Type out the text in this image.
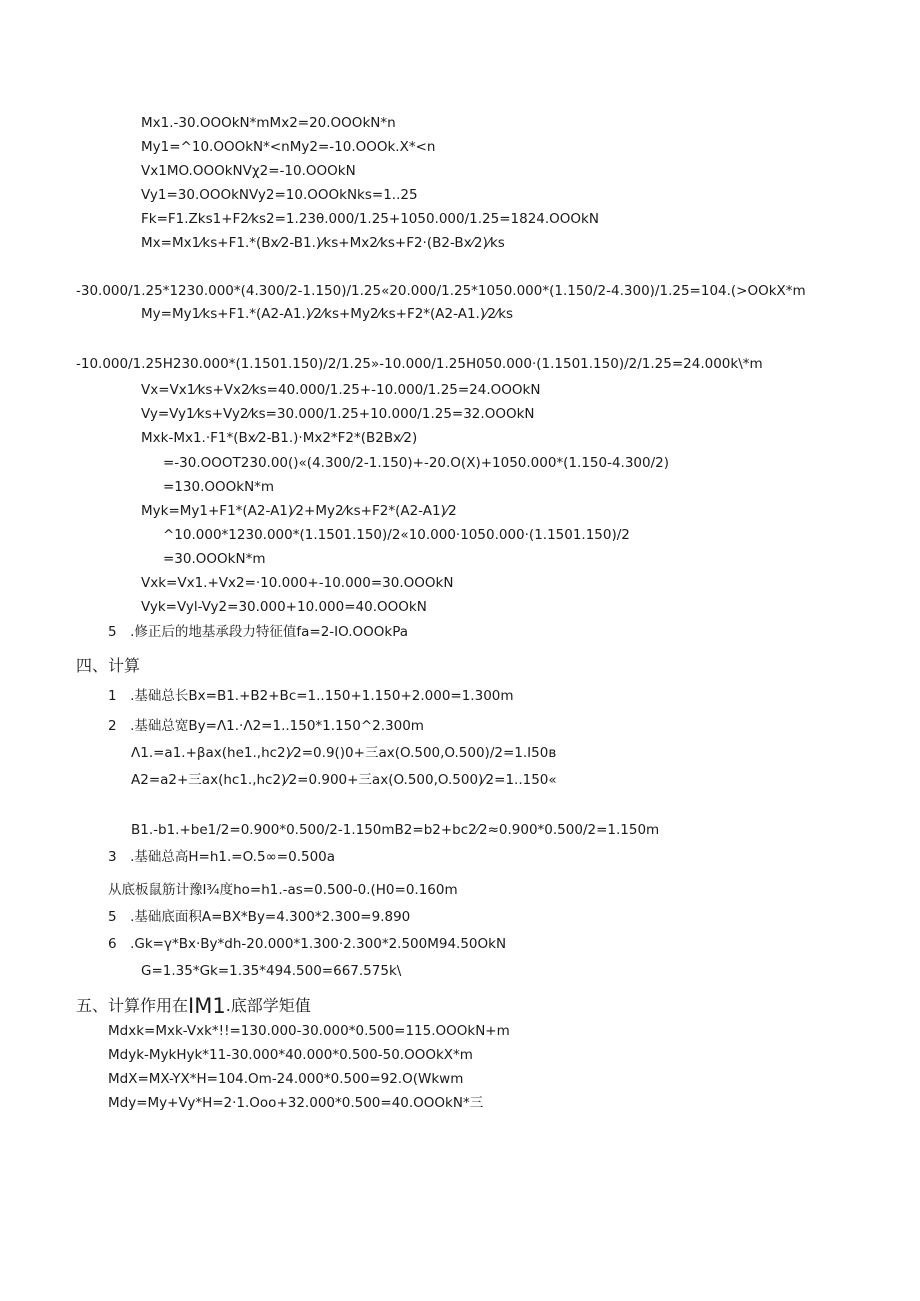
Mx1.-30.OOOkN*mMx2=20.OOOkN*n
My1=^10.OOOkN*<nMy2=-10.OOOk.X*<n
Vx1MO.OOOkNVχ2=-10.OOOkN
Vy1=30.OOOkNVy2=10.OOOkNks=1..25
Fk=F1.Zks1+F2⁄ks2=1.23θ.000/1.25+1050.000/1.25=1824.OOOkN
Mx=Mx1⁄ks+F1.*(Bx⁄2-B1.)⁄ks+Mx2⁄ks+F2·(B2-Bx⁄2)⁄ks
-30.000/1.25*1230.000*(4.300/2-1.150)/1.25«20.000/1.25*1050.000*(1.150/2-4.300)/1.25=104.(>OOkX*m
My=My1⁄ks+F1.*(A2-A1.)⁄2⁄ks+My2⁄ks+F2*(A2-A1.)⁄2⁄ks
-10.000/1.25H230.000*(1.1501.150)/2/1.25»-10.000/1.25H050.000·(1.1501.150)/2/1.25=24.000k\*m
Vx=Vx1⁄ks+Vx2⁄ks=40.000/1.25+-10.000/1.25=24.OOOkN
Vy=Vy1⁄ks+Vy2⁄ks=30.000/1.25+10.000/1.25=32.OOOkN
Mxk-Mx1.·F1*(Bx⁄2-B1.)·Mx2*F2*(B2Bx⁄2)
=-30.OOOT230.00()«(4.300/2-1.150)+-20.O(X)+1050.000*(1.150-4.300/2)
=130.OOOkN*m
Myk=My1+F1*(A2-A1)⁄2+My2⁄ks+F2*(A2-A1)⁄2
^10.000*1230.000*(1.1501.150)/2«10.000·1050.000·(1.1501.150)/2
=30.OOOkN*m
Vxk=Vx1.+Vx2=·10.000+-10.000=30.OOOkN
Vyk=Vyl-Vy2=30.000+10.000=40.OOOkN
5　.修正后的地基承段力特征值fa=2-IO.OOOkPa
四、计算
1　.基础总长Bx=B1.+B2+Bc=1..150+1.150+2.000=1.300m
2　.基础总宽By=Λ1.·Λ2=1..150*1.150^2.300m
Λ1.=a1.+βax(he1.,hc2)⁄2=0.9()0+三ax(O.500,O.500)/2=1.I50в
A2=a2+三ax(hc1.,hc2)⁄2=0.900+三ax(O.500,O.500)⁄2=1..150«
B1.-b1.+be1/2=0.900*0.500/2-1.150mB2=b2+bc2⁄2≈0.900*0.500/2=1.150m
3　.基础总高H=h1.=O.5∞=0.500a
从底板鼠筋计豫I¾度ho=h1.-as=0.500-0.(H0=0.160m
5　.基础底面积A=BX*By=4.300*2.300=9.890
6　.Gk=γ*Bx·By*dh-20.000*1.300·2.300*2.500M94.50OkN
G=1.35*Gk=1.35*494.500=667.575k\
五、计算作用在IM1.底部学矩值
Mdxk=Mxk-Vxk*!!=130.000-30.000*0.500=115.OOOkN+m
Mdyk-MykHyk*11-30.000*40.000*0.500-50.OOOkX*m
MdX=MX-YX*H=104.Om-24.000*0.500=92.O(Wkwm
Mdy=My+Vy*H=2·1.Ooo+32.000*0.500=40.OOOkN*三
